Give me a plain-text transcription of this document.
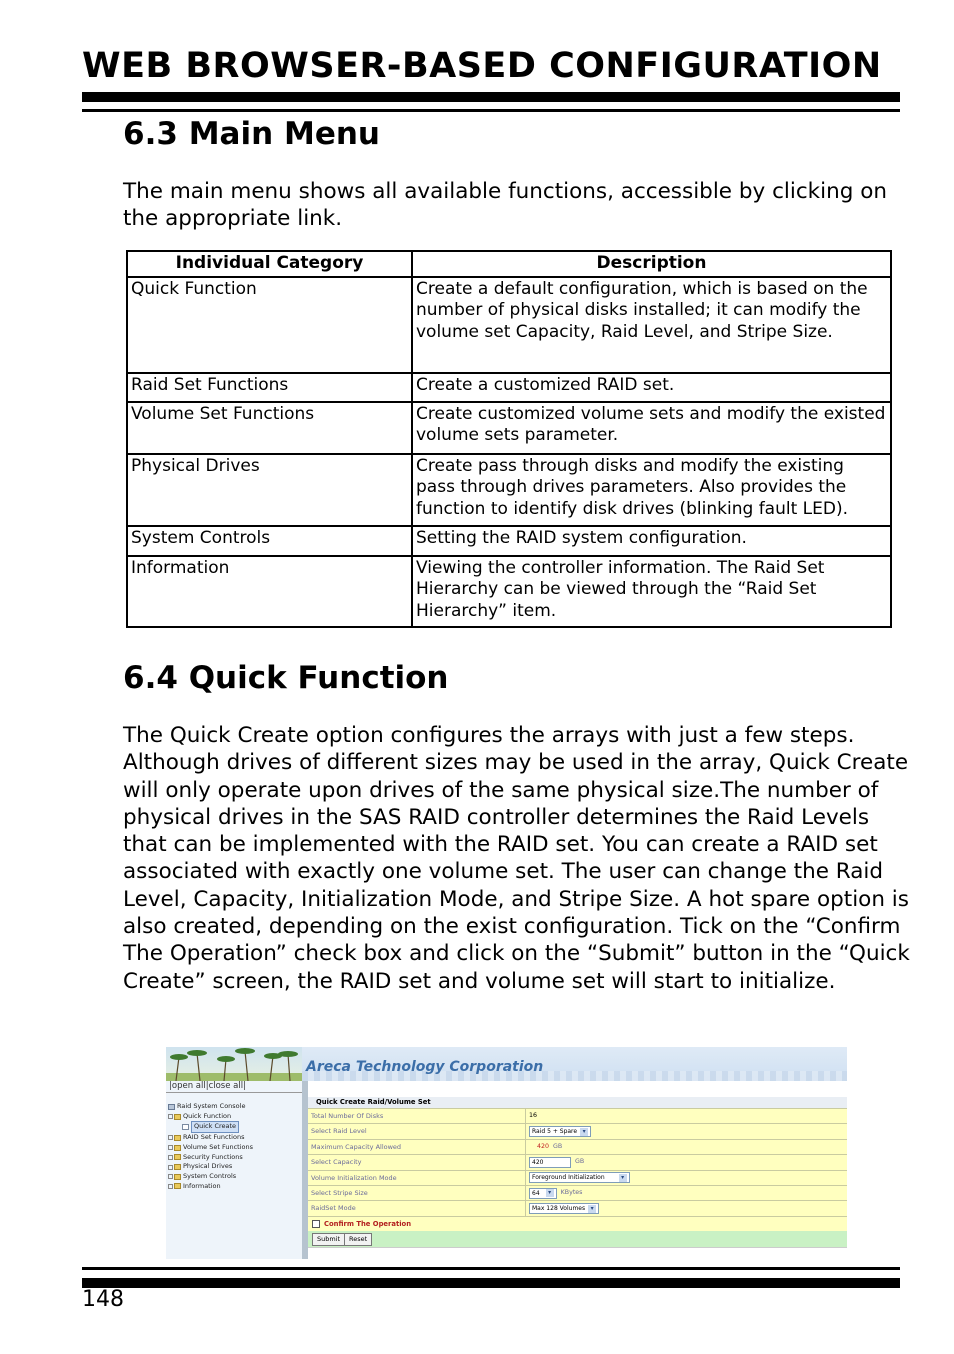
WEB BROWSER-BASED CONFIGURATION
6.3 Main Menu

The main menu shows all available functions, accessible by clicking on the appropriate link.

Individual Category	Description
Quick Function	Create a default configuration, which is based on the number of physical disks installed; it can modify the volume set Capacity, Raid Level, and Stripe Size.
Raid Set Functions	Create a customized RAID set.
Volume Set Functions	Create customized volume sets and modify the existed volume sets parameter.
Physical Drives	Create pass through disks and modify the existing pass through drives parameters. Also provides the function to identify disk drives (blinking fault LED).
System Controls	Setting the RAID system configuration.
Information	Viewing the controller information. The Raid Set Hierarchy can be viewed through the “Raid Set Hierarchy” item.
6.4 Quick Function

The Quick Create option configures the arrays with just a few steps. Although drives of different sizes may be used in the array, Quick Create will only operate upon drives of the same physical size.The number of physical drives in the SAS RAID controller determines the Raid Levels that can be implemented with the RAID set. You can create a RAID set associated with exactly one volume set. The user can change the Raid Level, Capacity, Initialization Mode, and Stripe Size. A hot spare option is also created, depending on the exist configuration. Tick on the “Confirm The Operation” check box and click on the “Submit” button in the “Quick Create” screen, the RAID set and volume set will start to initialize.

Areca Technology Corporation
|open all|close all|
Raid System Console
Quick Function
Quick Create
RAID Set Functions
Volume Set Functions
Security Functions
Physical Drives
System Controls
Information
Quick Create Raid/Volume Set
Total Number Of Disks	16
Select Raid Level	Raid 5 + Spare ▾
Maximum Capacity Allowed	420 GB
Select Capacity	420	GB
Volume Initialization Mode	Foreground Initialization	▾
Select Stripe Size	64	▾	KBytes
RaidSet Mode	Max 128 Volumes ▾
Confirm The Operation
Submit	Reset
148
